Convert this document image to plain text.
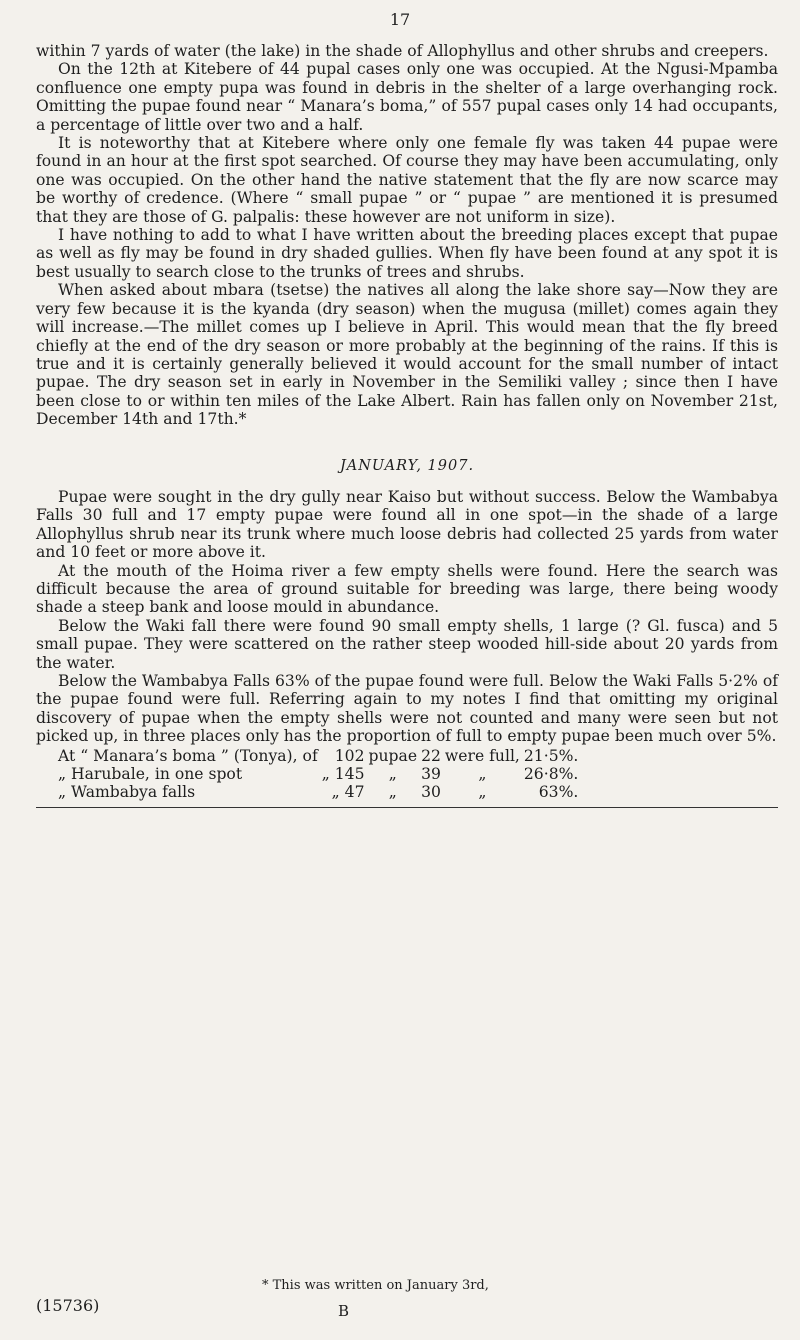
17

within 7 yards of water (the lake) in the shade of Allophyllus and other shrubs and creepers.

On the 12th at Kitebere of 44 pupal cases only one was occupied. At the Ngusi-Mpamba confluence one empty pupa was found in debris in the shelter of a large overhanging rock. Omitting the pupae found near “ Manara’s boma,” of 557 pupal cases only 14 had occupants, a percentage of little over two and a half.

It is noteworthy that at Kitebere where only one female fly was taken 44 pupae were found in an hour at the first spot searched. Of course they may have been accumulating, only one was occupied. On the other hand the native statement that the fly are now scarce may be worthy of credence. (Where “ small pupae ” or “ pupae ” are mentioned it is presumed that they are those of G. palpalis: these however are not uniform in size).

I have nothing to add to what I have written about the breeding places except that pupae as well as fly may be found in dry shaded gullies. When fly have been found at any spot it is best usually to search close to the trunks of trees and shrubs.

When asked about mbara (tsetse) the natives all along the lake shore say—Now they are very few because it is the kyanda (dry season) when the mugusa (millet) comes again they will increase.—The millet comes up I believe in April. This would mean that the fly breed chiefly at the end of the dry season or more probably at the beginning of the rains. If this is true and it is certainly generally believed it would account for the small number of intact pupae. The dry season set in early in November in the Semiliki valley ; since then I have been close to or within ten miles of the Lake Albert. Rain has fallen only on November 21st, December 14th and 17th.*

JANUARY, 1907.

Pupae were sought in the dry gully near Kaiso but without success. Below the Wambabya Falls 30 full and 17 empty pupae were found all in one spot—in the shade of a large Allophyllus shrub near its trunk where much loose debris had collected 25 yards from water and 10 feet or more above it.

At the mouth of the Hoima river a few empty shells were found. Here the search was difficult because the area of ground suitable for breeding was large, there being woody shade a steep bank and loose mould in abundance.

Below the Waki fall there were found 90 small empty shells, 1 large (? Gl. fusca) and 5 small pupae. They were scattered on the rather steep wooded hill-side about 20 yards from the water.

Below the Wambabya Falls 63% of the pupae found were full. Below the Waki Falls 5·2% of the pupae found were full. Referring again to my notes I find that omitting my original discovery of pupae when the empty shells were not counted and many were seen but not picked up, in three places only has the proportion of full to empty pupae been much over 5%.

At “ Manara’s boma ” (Tonya), of	102	pupae	22	were full,	21·5%.
„ Harubale, in one spot	„ 145	„	39	„	26·8%.
„ Wambabya falls	„ 47	„	30	„	63%.
* This was written on January 3rd,
(15736)	B
